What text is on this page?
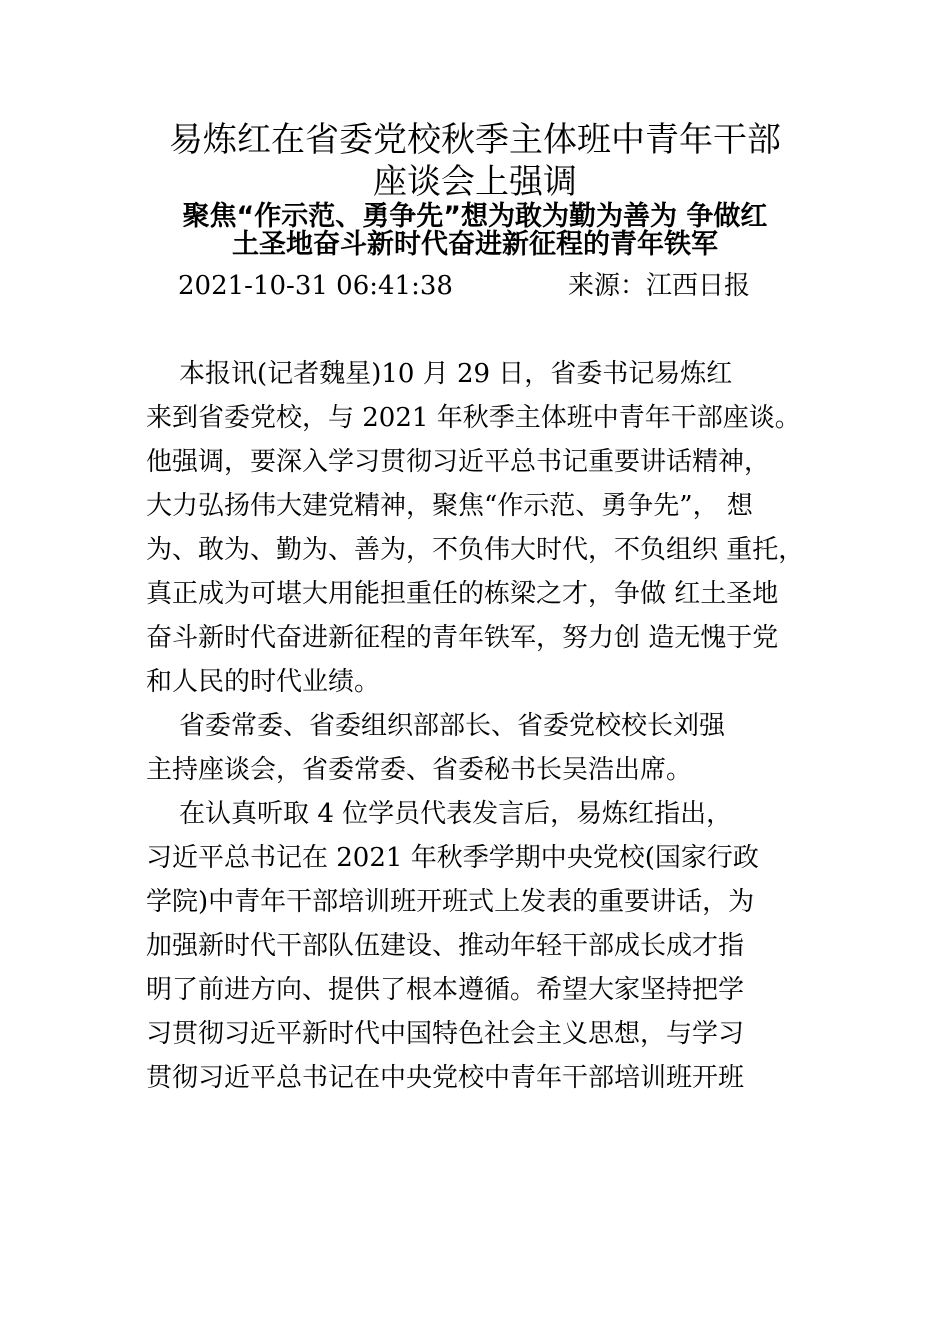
易炼红在省委党校秋季主体班中青年干部
座谈会上强调
聚焦“作示范、勇争先”想为敢为勤为善为 争做红
土圣地奋斗新时代奋进新征程的青年铁军
2021-10-31 06:41:38	来源：江西日报
本报讯(记者魏星)10 月 29 日，省委书记易炼红
来到省委党校，与 2021 年秋季主体班中青年干部座谈。
他强调，要深入学习贯彻习近平总书记重要讲话精神，
大力弘扬伟大建党精神，聚焦“作示范、勇争先”， 想
为、敢为、勤为、善为，不负伟大时代，不负组织 重托，
真正成为可堪大用能担重任的栋梁之才，争做 红土圣地
奋斗新时代奋进新征程的青年铁军，努力创 造无愧于党
和人民的时代业绩。
省委常委、省委组织部部长、省委党校校长刘强
主持座谈会，省委常委、省委秘书长吴浩出席。
在认真听取 4 位学员代表发言后，易炼红指出，
习近平总书记在 2021 年秋季学期中央党校(国家行政
学院)中青年干部培训班开班式上发表的重要讲话，为
加强新时代干部队伍建设、推动年轻干部成长成才指
明了前进方向、提供了根本遵循。希望大家坚持把学
习贯彻习近平新时代中国特色社会主义思想，与学习
贯彻习近平总书记在中央党校中青年干部培训班开班
